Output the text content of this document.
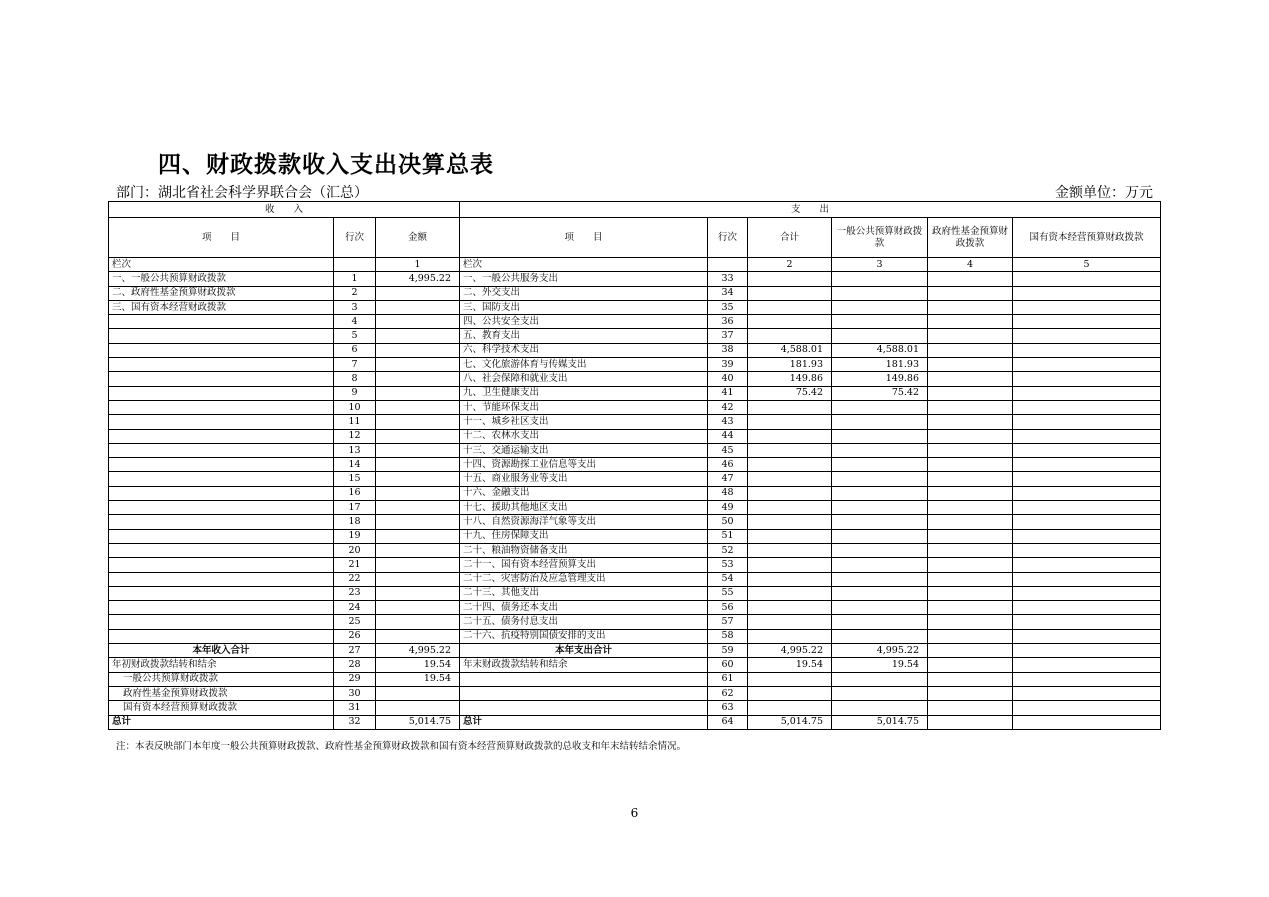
四、财政拨款收入支出决算总表
部门：湖北省社会科学界联合会（汇总）	金额单位：万元
收　　入			支　　出					
项　　目	行次	金额	项　　目	行次	合计	一般公共预算财政拨款	政府性基金预算财政拨款	国有资本经营预算财政拨款
栏次		1	栏次		2	3	4	5
一、一般公共预算财政拨款	1	4,995.22	一、一般公共服务支出	33				
二、政府性基金预算财政拨款	2		二、外交支出	34				
三、国有资本经营财政拨款	3		三、国防支出	35				
	4		四、公共安全支出	36				
	5		五、教育支出	37				
	6		六、科学技术支出	38	4,588.01	4,588.01		
	7		七、文化旅游体育与传媒支出	39	181.93	181.93		
	8		八、社会保障和就业支出	40	149.86	149.86		
	9		九、卫生健康支出	41	75.42	75.42		
	10		十、节能环保支出	42				
	11		十一、城乡社区支出	43				
	12		十二、农林水支出	44				
	13		十三、交通运输支出	45				
	14		十四、资源勘探工业信息等支出	46				
	15		十五、商业服务业等支出	47				
	16		十六、金融支出	48				
	17		十七、援助其他地区支出	49				
	18		十八、自然资源海洋气象等支出	50				
	19		十九、住房保障支出	51				
	20		二十、粮油物资储备支出	52				
	21		二十一、国有资本经营预算支出	53				
	22		二十二、灾害防治及应急管理支出	54				
	23		二十三、其他支出	55				
	24		二十四、债务还本支出	56				
	25		二十五、债务付息支出	57				
	26		二十六、抗疫特别国债安排的支出	58				
本年收入合计	27	4,995.22	本年支出合计	59	4,995.22	4,995.22		
年初财政拨款结转和结余	28	19.54	年末财政拨款结转和结余	60	19.54	19.54		
一般公共预算财政拨款	29	19.54		61				
政府性基金预算财政拨款	30			62				
国有资本经营预算财政拨款	31			63				
总计	32	5,014.75	总计	64	5,014.75	5,014.75		
注：本表反映部门本年度一般公共预算财政拨款、政府性基金预算财政拨款和国有资本经营预算财政拨款的总收支和年末结转结余情况。
6
